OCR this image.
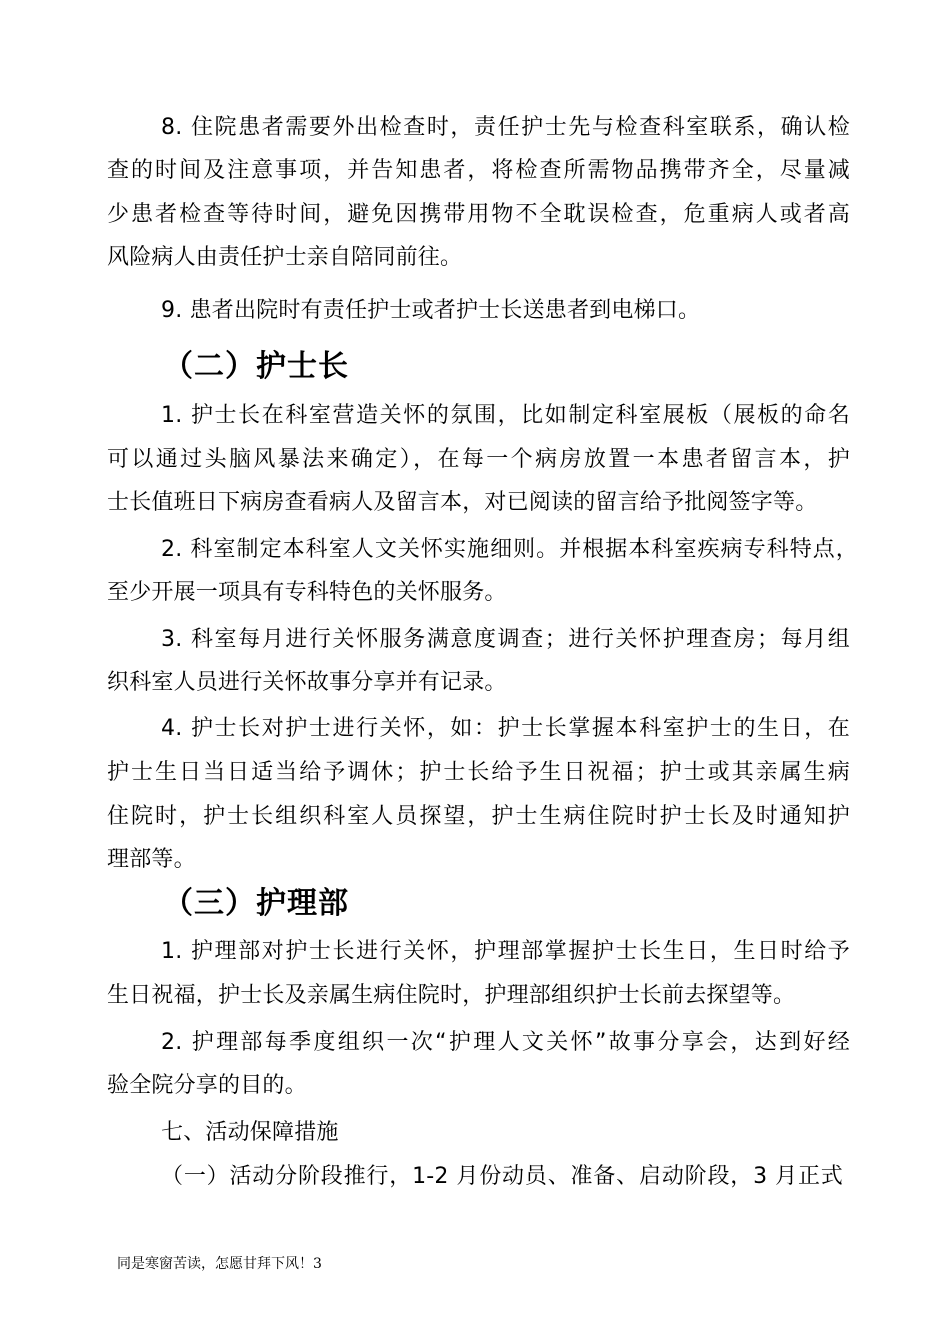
8. 住院患者需要外出检查时，责任护士先与检查科室联系，确认检
查的时间及注意事项，并告知患者，将检查所需物品携带齐全，尽量减
少患者检查等待时间，避免因携带用物不全耽误检查，危重病人或者高
风险病人由责任护士亲自陪同前往。
9. 患者出院时有责任护士或者护士长送患者到电梯口。
（二）护士长
1. 护士长在科室营造关怀的氛围，比如制定科室展板（展板的命名
可以通过头脑风暴法来确定），在每一个病房放置一本患者留言本，护
士长值班日下病房查看病人及留言本，对已阅读的留言给予批阅签字等。
2. 科室制定本科室人文关怀实施细则。并根据本科室疾病专科特点，
至少开展一项具有专科特色的关怀服务。
3. 科室每月进行关怀服务满意度调查；进行关怀护理查房；每月组
织科室人员进行关怀故事分享并有记录。
4. 护士长对护士进行关怀，如：护士长掌握本科室护士的生日，在
护士生日当日适当给予调休；护士长给予生日祝福；护士或其亲属生病
住院时，护士长组织科室人员探望，护士生病住院时护士长及时通知护
理部等。
（三）护理部
1. 护理部对护士长进行关怀，护理部掌握护士长生日，生日时给予
生日祝福，护士长及亲属生病住院时，护理部组织护士长前去探望等。
2. 护理部每季度组织一次“护理人文关怀”故事分享会，达到好经
验全院分享的目的。
七、活动保障措施
（一）活动分阶段推行，1-2 月份动员、准备、启动阶段，3 月正式
同是寒窗苦读，怎愿甘拜下风！3
